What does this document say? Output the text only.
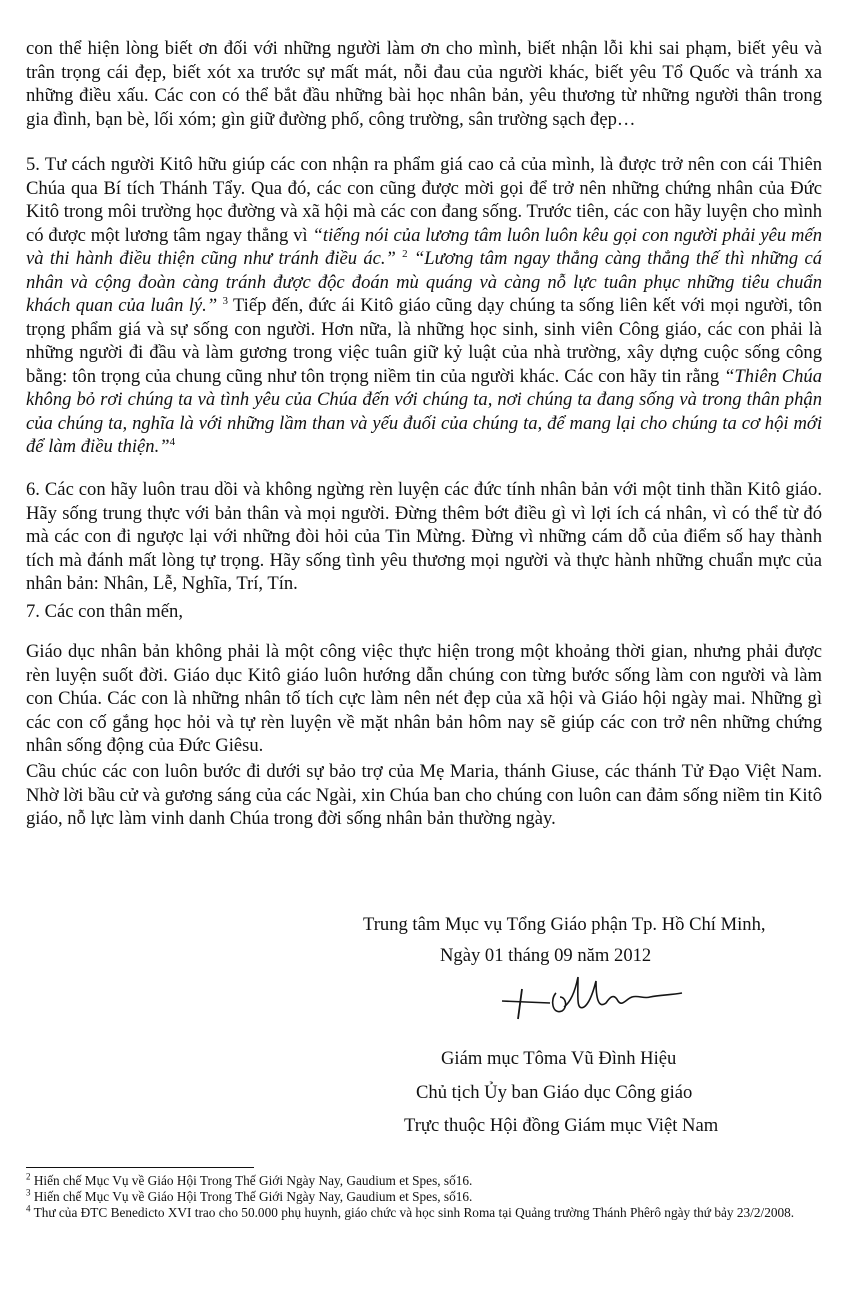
con thể hiện lòng biết ơn đối với những người làm ơn cho mình, biết nhận lỗi khi sai phạm, biết yêu và trân trọng cái đẹp, biết xót xa trước sự mất mát, nỗi đau của người khác, biết yêu Tổ Quốc và tránh xa những điều xấu. Các con có thể bắt đầu những bài học nhân bản, yêu thương từ những người thân trong gia đình, bạn bè, lối xóm; gìn giữ đường phố, công trường, sân trường sạch đẹp…

5. Tư cách người Kitô hữu giúp các con nhận ra phẩm giá cao cả của mình, là được trở nên con cái Thiên Chúa qua Bí tích Thánh Tẩy. Qua đó, các con cũng được mời gọi để trở nên những chứng nhân của Đức Kitô trong môi trường học đường và xã hội mà các con đang sống. Trước tiên, các con hãy luyện cho mình có được một lương tâm ngay thẳng vì “tiếng nói của lương tâm luôn luôn kêu gọi con người phải yêu mến và thi hành điều thiện cũng như tránh điều ác.” $^2$ “Lương tâm ngay thẳng càng thẳng thế thì những cá nhân và cộng đoàn càng tránh được độc đoán mù quáng và càng nỗ lực tuân phục những tiêu chuẩn khách quan của luân lý.” $^3$ Tiếp đến, đức ái Kitô giáo cũng dạy chúng ta sống liên kết với mọi người, tôn trọng phẩm giá và sự sống con người. Hơn nữa, là những học sinh, sinh viên Công giáo, các con phải là những người đi đầu và làm gương trong việc tuân giữ kỷ luật của nhà trường, xây dựng cuộc sống công bằng: tôn trọng của chung cũng như tôn trọng niềm tin của người khác. Các con hãy tin rằng “Thiên Chúa không bỏ rơi chúng ta và tình yêu của Chúa đến với chúng ta, nơi chúng ta đang sống và trong thân phận của chúng ta, nghĩa là với những lầm than và yếu đuối của chúng ta, để mang lại cho chúng ta cơ hội mới để làm điều thiện.”$^4$

6. Các con hãy luôn trau dồi và không ngừng rèn luyện các đức tính nhân bản với một tinh thần Kitô giáo. Hãy sống trung thực với bản thân và mọi người. Đừng thêm bớt điều gì vì lợi ích cá nhân, vì có thể từ đó mà các con đi ngược lại với những đòi hỏi của Tin Mừng. Đừng vì những cám dỗ của điểm số hay thành tích mà đánh mất lòng tự trọng. Hãy sống tình yêu thương mọi người và thực hành những chuẩn mực của nhân bản: Nhân, Lễ, Nghĩa, Trí, Tín.

7. Các con thân mến,

Giáo dục nhân bản không phải là một công việc thực hiện trong một khoảng thời gian, nhưng phải được rèn luyện suốt đời. Giáo dục Kitô giáo luôn hướng dẫn chúng con từng bước sống làm con người và làm con Chúa. Các con là những nhân tố tích cực làm nên nét đẹp của xã hội và Giáo hội ngày mai. Những gì các con cố gắng học hỏi và tự rèn luyện về mặt nhân bản hôm nay sẽ giúp các con trở nên những chứng nhân sống động của Đức Giêsu.

Cầu chúc các con luôn bước đi dưới sự bảo trợ của Mẹ Maria, thánh Giuse, các thánh Tử Đạo Việt Nam. Nhờ lời bầu cử và gương sáng của các Ngài, xin Chúa ban cho chúng con luôn can đảm sống niềm tin Kitô giáo, nỗ lực làm vinh danh Chúa trong đời sống nhân bản thường ngày.

Trung tâm Mục vụ Tổng Giáo phận Tp. Hồ Chí Minh,
Ngày 01 tháng 09 năm 2012
Giám mục Tôma Vũ Đình Hiệu
Chủ tịch Ủy ban Giáo dục Công giáo
Trực thuộc Hội đồng Giám mục Việt Nam

$^2$ Hiến chế Mục Vụ về Giáo Hội Trong Thế Giới Ngày Nay, Gaudium et Spes, số16.

$^3$ Hiến chế Mục Vụ về Giáo Hội Trong Thế Giới Ngày Nay, Gaudium et Spes, số16.

$^4$ Thư của ĐTC Benedicto XVI trao cho 50.000 phụ huynh, giáo chức và học sinh Roma tại Quảng trường Thánh Phêrô ngày thứ bảy 23/2/2008.
